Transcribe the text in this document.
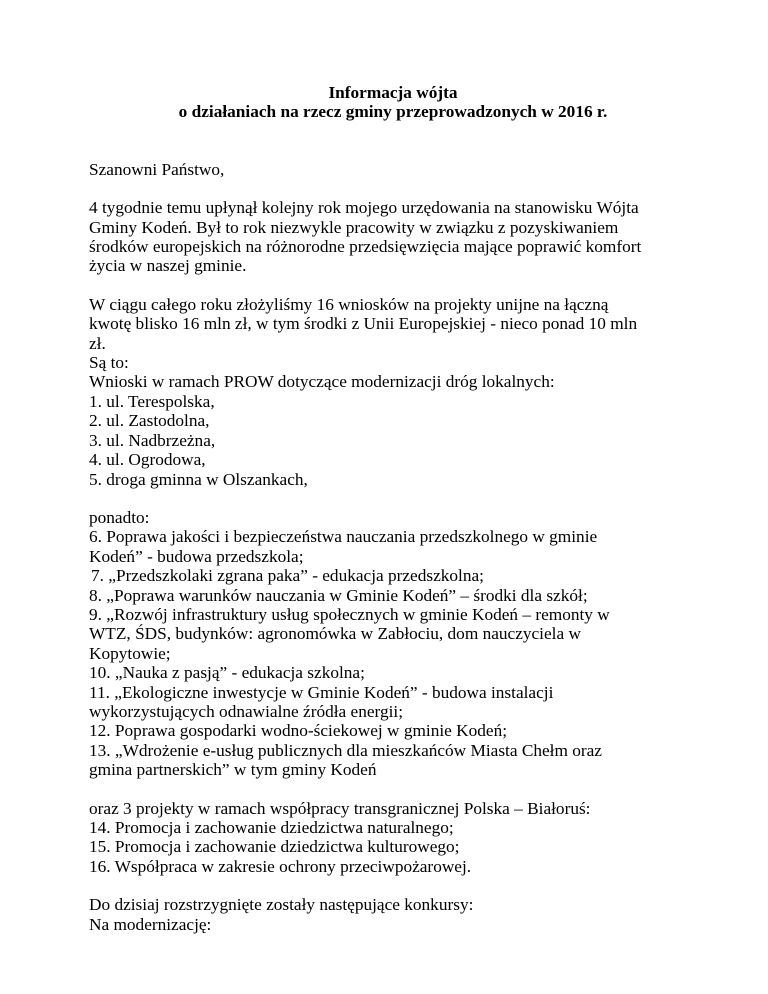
Informacja wójta
o działaniach na rzecz gminy przeprowadzonych w 2016 r.

Szanowni Państwo,

4 tygodnie temu upłynął kolejny rok mojego urzędowania na stanowisku Wójta
Gminy Kodeń. Był to rok niezwykle pracowity w związku z pozyskiwaniem
środków europejskich na różnorodne przedsięwzięcia mające poprawić komfort
życia w naszej gminie.

W ciągu całego roku złożyliśmy 16 wniosków na projekty unijne na łączną
kwotę blisko 16 mln zł, w tym środki z Unii Europejskiej - nieco ponad 10 mln
zł.
Są to:
Wnioski w ramach PROW dotyczące modernizacji dróg lokalnych:
1. ul. Terespolska,
2. ul. Zastodolna,
3. ul. Nadbrzeżna,
4. ul. Ogrodowa,
5. droga gminna w Olszankach,

ponadto:
6. Poprawa jakości i bezpieczeństwa nauczania przedszkolnego w gminie
Kodeń” - budowa przedszkola;
7. „Przedszkolaki zgrana paka” - edukacja przedszkolna;
8. „Poprawa warunków nauczania w Gminie Kodeń” – środki dla szkół;
9. „Rozwój infrastruktury usług społecznych w gminie Kodeń – remonty w
WTZ, ŚDS, budynków: agronomówka w Zabłociu, dom nauczyciela w
Kopytowie;
10. „Nauka z pasją” - edukacja szkolna;
11. „Ekologiczne inwestycje w Gminie Kodeń” - budowa instalacji
wykorzystujących odnawialne źródła energii;
12. Poprawa gospodarki wodno-ściekowej w gminie Kodeń;
13. „Wdrożenie e-usług publicznych dla mieszkańców Miasta Chełm oraz
gmina partnerskich” w tym gminy Kodeń

oraz 3 projekty w ramach współpracy transgranicznej Polska – Białoruś:
14. Promocja i zachowanie dziedzictwa naturalnego;
15. Promocja i zachowanie dziedzictwa kulturowego;
16. Współpraca w zakresie ochrony przeciwpożarowej.

Do dzisiaj rozstrzygnięte zostały następujące konkursy:
Na modernizację:
